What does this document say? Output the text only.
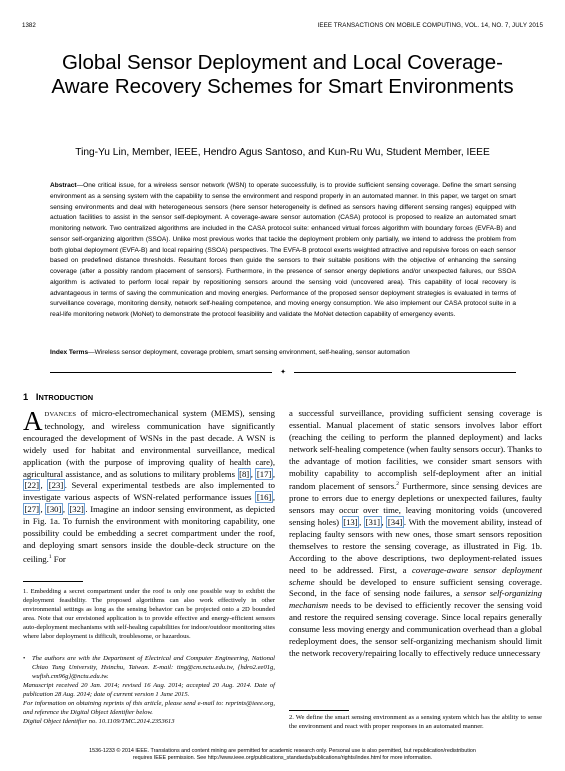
1382	IEEE TRANSACTIONS ON MOBILE COMPUTING, VOL. 14, NO. 7, JULY 2015
Global Sensor Deployment and Local Coverage-Aware Recovery Schemes for Smart Environments
Ting-Yu Lin, Member, IEEE, Hendro Agus Santoso, and Kun-Ru Wu, Student Member, IEEE
Abstract—One critical issue, for a wireless sensor network (WSN) to operate successfully, is to provide sufficient sensing coverage. Define the smart sensing environment as a sensing system with the capability to sense the environment and respond properly in an automated manner. In this paper, we target on smart sensing environments and deal with heterogeneous sensors (here sensor heterogeneity is defined as sensors having different sensing ranges) equipped with actuation facilities to assist in the sensor self-deployment. A coverage-aware sensor automation (CASA) protocol is proposed to realize an automated smart monitoring network. Two centralized algorithms are included in the CASA protocol suite: enhanced virtual forces algorithm with boundary forces (EVFA-B) and sensor self-organizing algorithm (SSOA). Unlike most previous works that tackle the deployment problem only partially, we intend to address the problem from both global deployment (EVFA-B) and local repairing (SSOA) perspectives. The EVFA-B protocol exerts weighted attractive and repulsive forces on each sensor based on predefined distance thresholds. Resultant forces then guide the sensors to their suitable positions with the objective of enhancing the sensing coverage (after a possibly random placement of sensors). Furthermore, in the presence of sensor energy depletions and/or unexpected failures, our SSOA algorithm is activated to perform local repair by repositioning sensors around the sensing void (uncovered area). This capability of local recovery is advantageous in terms of saving the communication and moving energies. Performance of the proposed sensor deployment strategies is evaluated in terms of surveillance coverage, monitoring density, network self-healing competence, and moving energy consumption. We also implement our CASA protocol suite in a real-life monitoring network (MoNet) to demonstrate the protocol feasibility and validate the MoNet detection capability of emergency events.
Index Terms—Wireless sensor deployment, coverage problem, smart sensing environment, self-healing, sensor automation
✦
1 INTRODUCTION
ADVANCES of micro-electromechanical system (MEMS), sensing technology, and wireless communication have significantly encouraged the development of WSNs in the past decade. A WSN is widely used for habitat and environmental surveillance, medical application (with the purpose of improving quality of health care), agricultural assistance, and as solutions to military problems [8] , [17] , [22] , [23] . Several experimental testbeds are also implemented to investigate various aspects of WSN-related performance issues [16] , [27] , [30] , [32] . Imagine an indoor sensing environment, as depicted in Fig. 1a. To furnish the environment with monitoring capability, one possibility could be embedding a secret compartment under the roof, and deploying smart sensors inside the double-deck structure on the ceiling.$^1$ For
a successful surveillance, providing sufficient sensing coverage is essential. Manual placement of static sensors involves labor effort (reaching the ceiling to perform the planned deployment) and lacks network self-healing competence (when faulty sensors occur). Thanks to the advantage of motion facilities, we consider smart sensors with mobility capability to accomplish self-deployment after an initial random placement of sensors.$^2$ Furthermore, since sensing devices are prone to errors due to energy depletions or unexpected failures, faulty sensors may occur over time, leaving monitoring voids (uncovered sensing holes) [13] , [31] , [34] . With the movement ability, instead of replacing faulty sensors with new ones, those smart sensors reposition themselves to restore the sensing coverage, as illustrated in Fig. 1b. According to the above descriptions, two deployment-related issues need to be addressed. First, a coverage-aware sensor deployment scheme should be developed to ensure sufficient sensing coverage. Second, in the face of sensing node failures, a sensor self-organizing mechanism needs to be devised to efficiently recover the sensing void and restore the required sensing coverage. Since local repairs generally consume less moving energy and communication overhead than a global redeployment does, the sensor self-organizing mechanism should limit the network recovery/repairing locally to effectively reduce unnecessary
1. Embedding a secret compartment under the roof is only one possible way to exhibit the deployment feasibility. The proposed algorithms can also work effectively in other environmental settings as long as the sensing behavior can be projected onto a 2D bounded area. Note that our envisioned application is to provide effective and energy-efficient sensors auto-deployment mechanisms with self-healing capabilities for indoor/outdoor monitoring sites where labor deployment is difficult, troublesome, or hazardous.
•	The authors are with the Department of Electrical and Computer Engineering, National Chiao Tung University, Hsinchu, Taiwan. E-mail: ting@cm.nctu.edu.tw, {hdro2.ee01g, wufish.cm96g}@nctu.edu.tw.
Manuscript received 20 Jan. 2014; revised 16 Aug. 2014; accepted 20 Aug. 2014. Date of publication 28 Aug. 2014; date of current version 1 June 2015.
For information on obtaining reprints of this article, please send e-mail to: reprints@ieee.org, and reference the Digital Object Identifier below.
Digital Object Identifier no. 10.1109/TMC.2014.2353613
2. We define the smart sensing environment as a sensing system which has the ability to sense the environment and react with proper responses in an automated manner.
1536-1233 © 2014 IEEE. Translations and content mining are permitted for academic research only. Personal use is also permitted, but republication/redistribution
requires IEEE permission. See http://www.ieee.org/publications_standards/publications/rights/index.html for more information.
